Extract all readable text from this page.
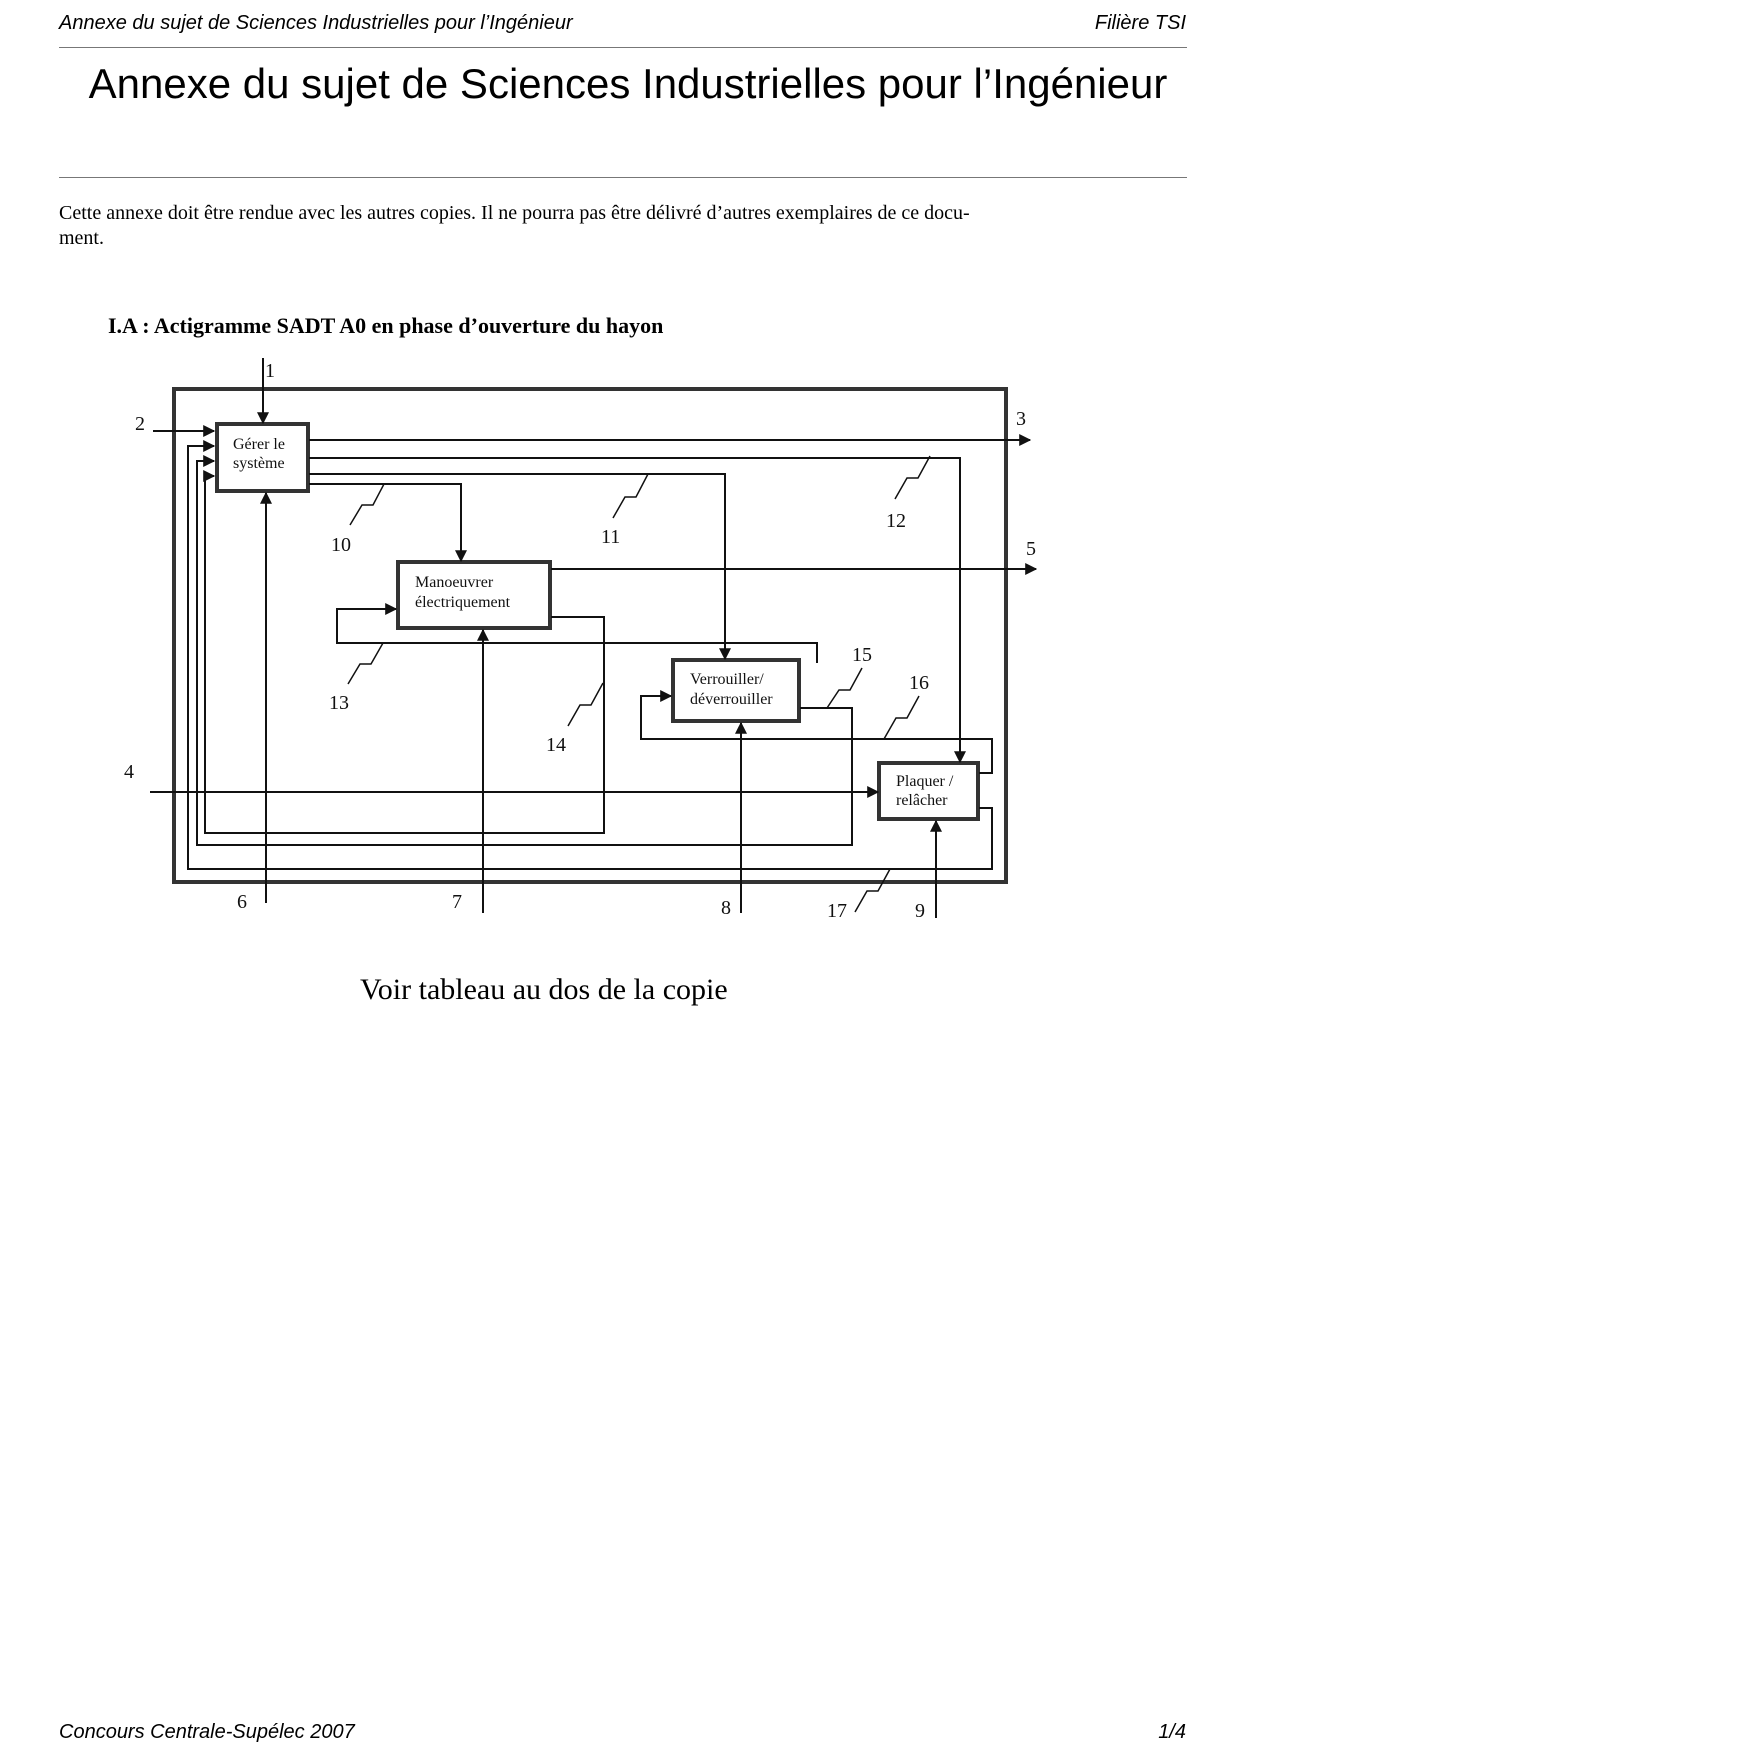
Annexe du sujet de Sciences Industrielles pour l’Ingénieur	Filière TSI
Annexe du sujet de Sciences Industrielles pour l’Ingénieur
Cette annexe doit être rendue avec les autres copies. Il ne pourra pas être délivré d’autres exemplaires de ce docu-
ment.
I.A : Actigramme SADT A0 en phase d’ouverture du hayon
Gérer le
système
Manoeuvrer
électriquement
Verrouiller/
déverrouiller
Plaquer /
relâcher
1
2	3
4
5
6	7	8	9
10	11
12
13
14
15
16
17
Voir tableau au dos de la copie
Concours Centrale-Supélec 2007	1/4
